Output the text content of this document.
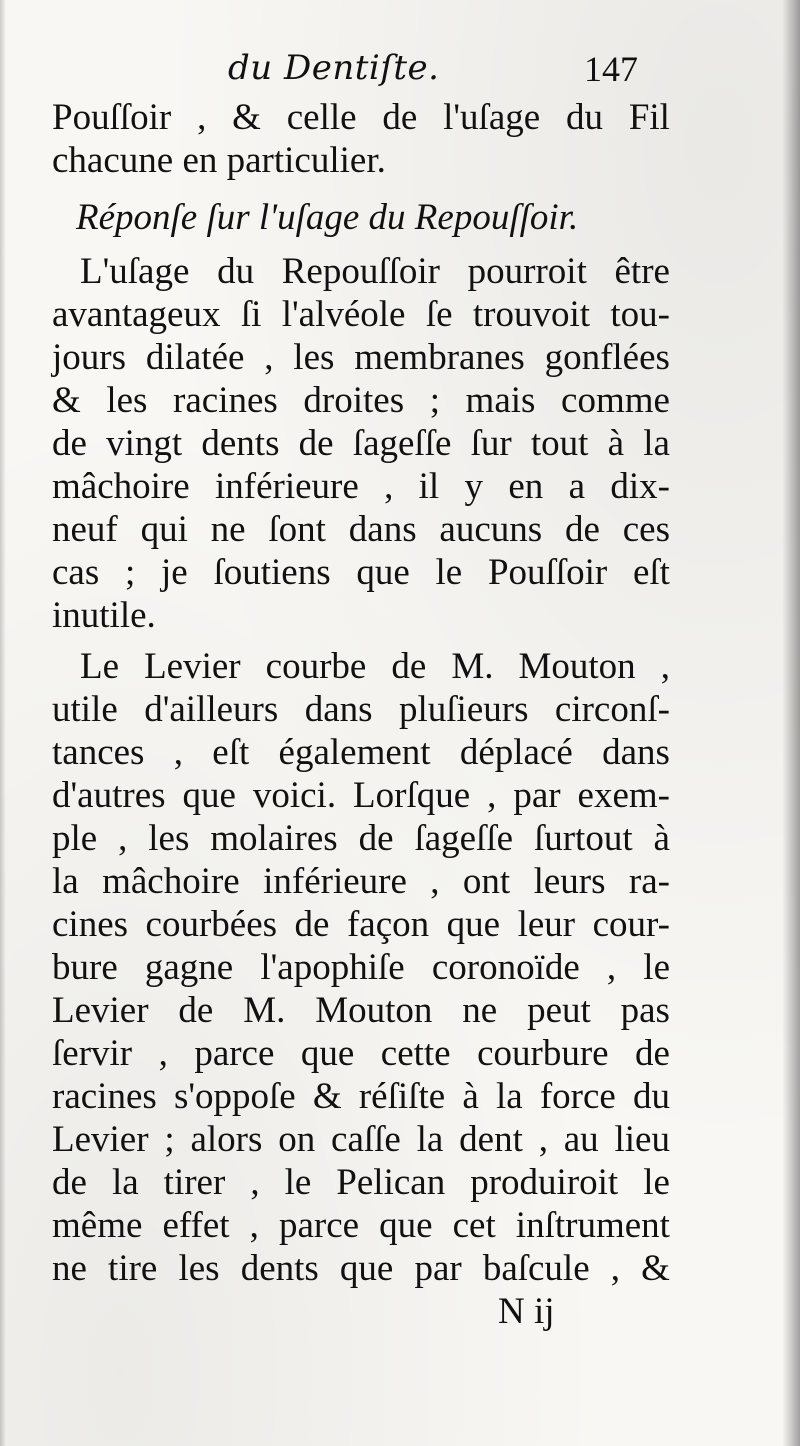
du Dentiſte.	147
Pouſſoir , & celle de l'uſage du Fil
chacune en particulier.
Réponſe ſur l'uſage du Repouſſoir.
L'uſage du Repouſſoir pourroit être
avantageux ſi l'alvéole ſe trouvoit tou-
jours dilatée , les membranes gonflées
& les racines droites ; mais comme
de vingt dents de ſageſſe ſur tout à la
mâchoire inférieure , il y en a dix-
neuf qui ne ſont dans aucuns de ces
cas ; je ſoutiens que le Pouſſoir eſt
inutile.
Le Levier courbe de M. Mouton ,
utile d'ailleurs dans pluſieurs circonſ-
tances , eſt également déplacé dans
d'autres que voici. Lorſque , par exem-
ple , les molaires de ſageſſe ſurtout à
la mâchoire inférieure , ont leurs ra-
cines courbées de façon que leur cour-
bure gagne l'apophiſe coronoïde , le
Levier de M. Mouton ne peut pas
ſervir , parce que cette courbure de
racines s'oppoſe & réſiſte à la force du
Levier ; alors on caſſe la dent , au lieu
de la tirer , le Pelican produiroit le
même effet , parce que cet inſtrument
ne tire les dents que par baſcule , &
N ij
